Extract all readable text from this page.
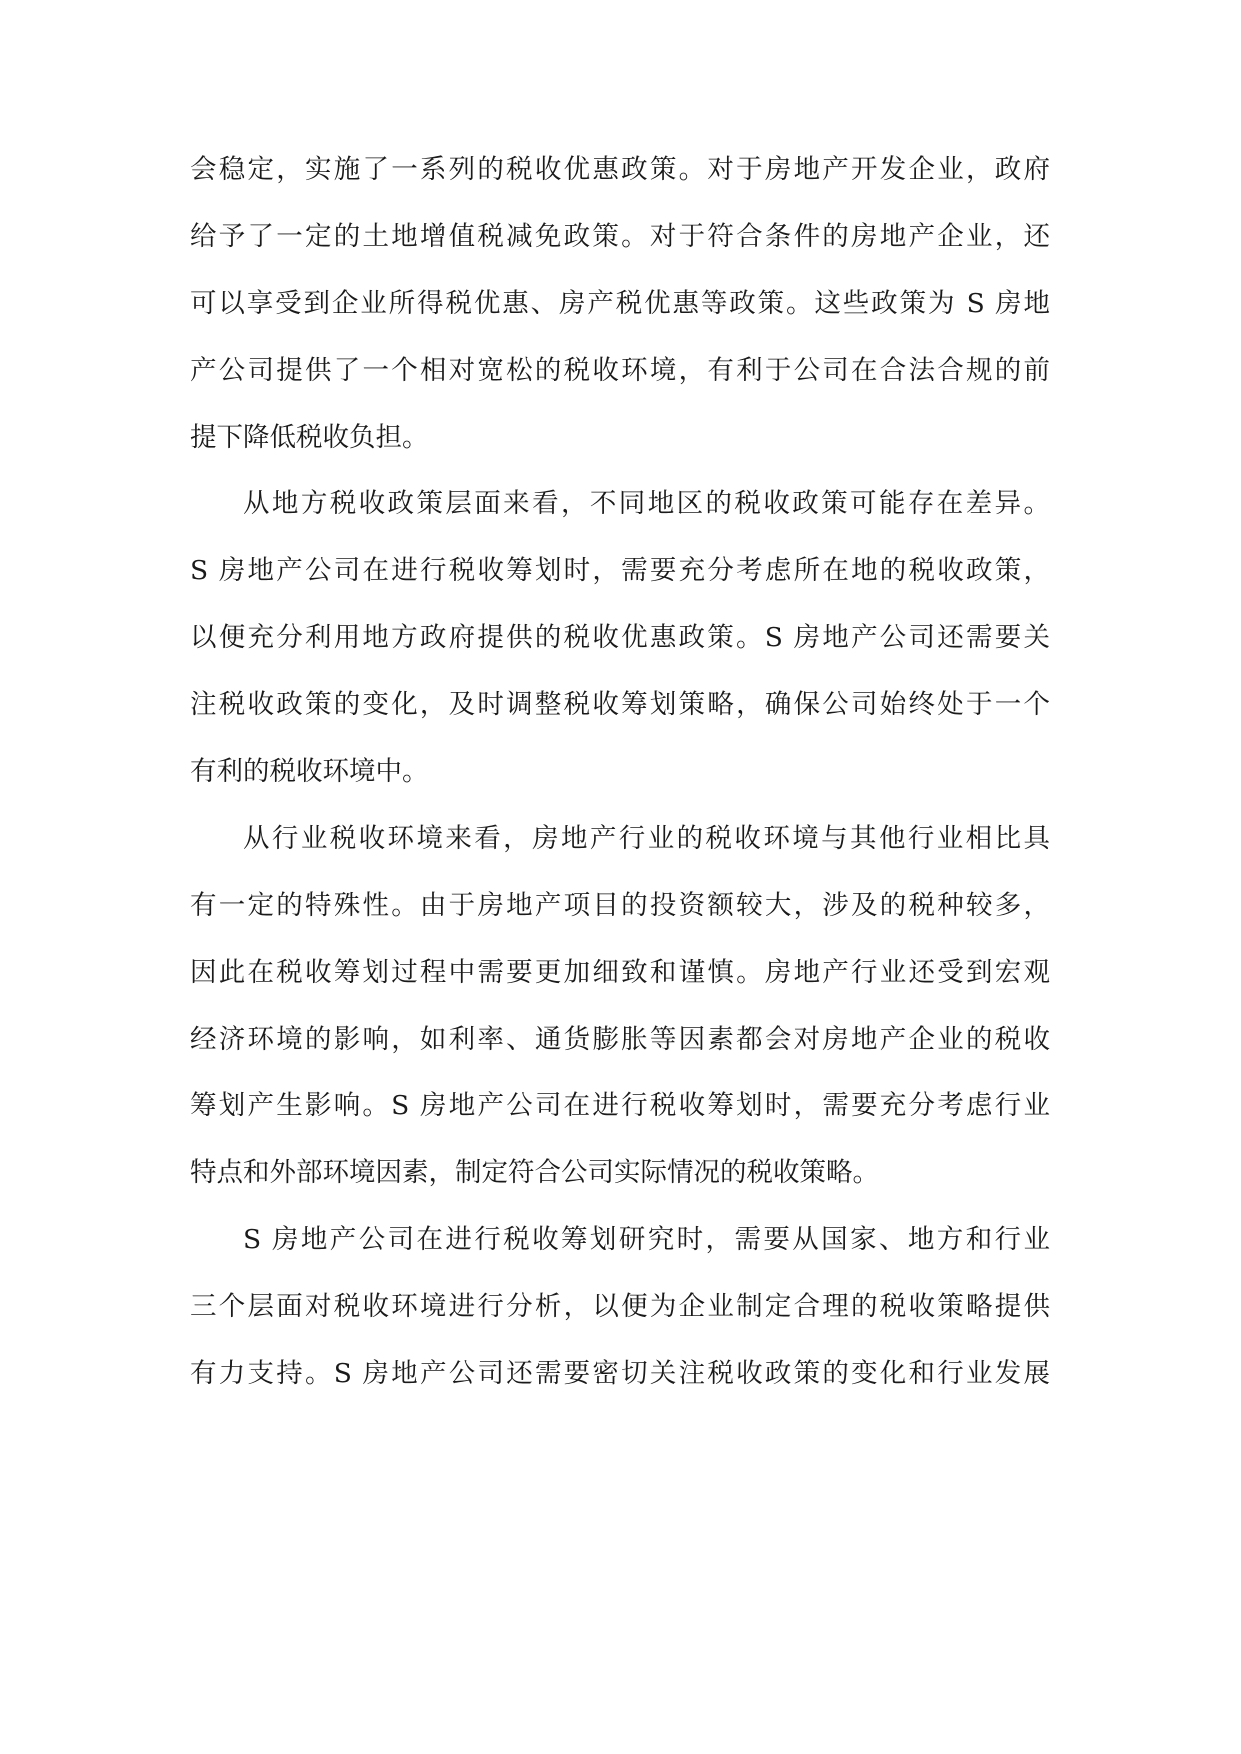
会稳定，实施了一系列的税收优惠政策。对于房地产开发企业，政府
给予了一定的土地增值税减免政策。对于符合条件的房地产企业，还
可以享受到企业所得税优惠、房产税优惠等政策。这些政策为 S 房地
产公司提供了一个相对宽松的税收环境，有利于公司在合法合规的前
提下降低税收负担。
从地方税收政策层面来看，不同地区的税收政策可能存在差异。
S 房地产公司在进行税收筹划时，需要充分考虑所在地的税收政策，
以便充分利用地方政府提供的税收优惠政策。S 房地产公司还需要关
注税收政策的变化，及时调整税收筹划策略，确保公司始终处于一个
有利的税收环境中。
从行业税收环境来看，房地产行业的税收环境与其他行业相比具
有一定的特殊性。由于房地产项目的投资额较大，涉及的税种较多，
因此在税收筹划过程中需要更加细致和谨慎。房地产行业还受到宏观
经济环境的影响，如利率、通货膨胀等因素都会对房地产企业的税收
筹划产生影响。S 房地产公司在进行税收筹划时，需要充分考虑行业
特点和外部环境因素，制定符合公司实际情况的税收策略。
S 房地产公司在进行税收筹划研究时，需要从国家、地方和行业
三个层面对税收环境进行分析，以便为企业制定合理的税收策略提供
有力支持。S 房地产公司还需要密切关注税收政策的变化和行业发展
